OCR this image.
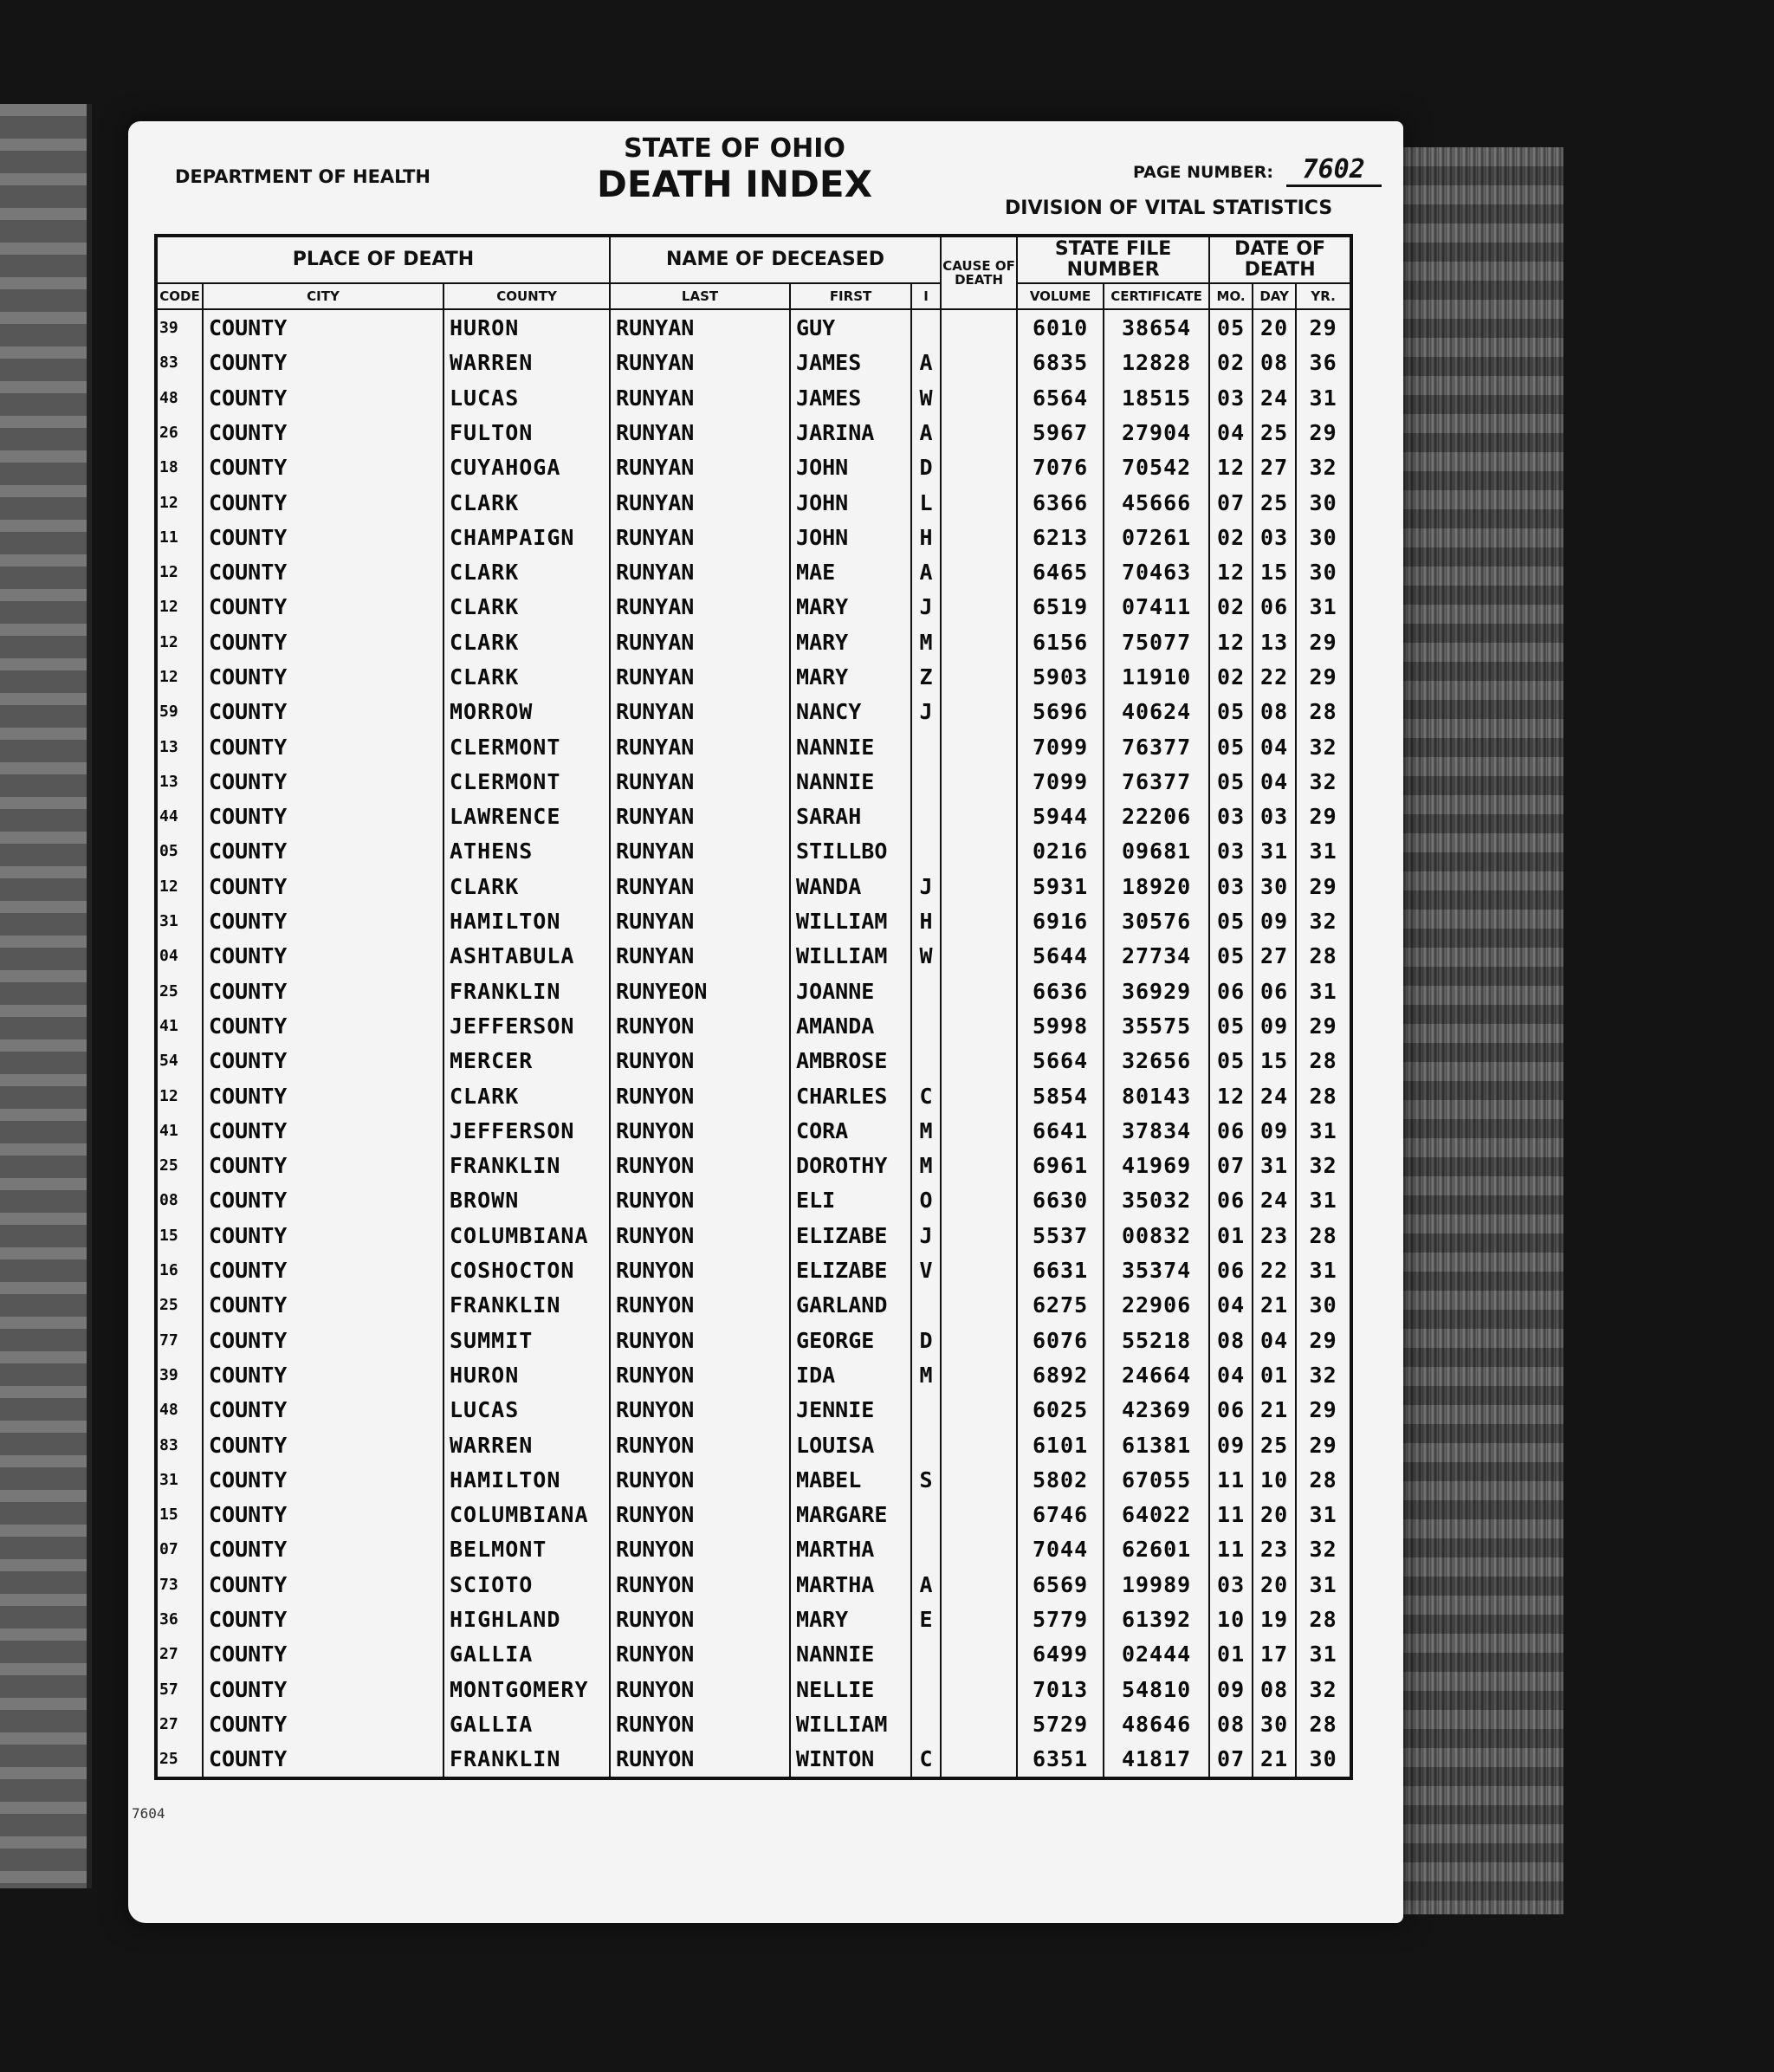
DEPARTMENT OF HEALTH
STATE OF OHIO
DEATH INDEX	PAGE NUMBER: 7602
DIVISION OF VITAL STATISTICS
PLACE OF DEATH			NAME OF DECEASED			CAUSE OF DEATH	STATE FILE NUMBER		DATE OF DEATH		
CODE	CITY	COUNTY	LAST	FIRST	I		VOLUME	CERTIFICATE	MO.	DAY	YR.
39	COUNTY	HURON	RUNYAN	GUY			6010	38654	05	20	29
83	COUNTY	WARREN	RUNYAN	JAMES	A		6835	12828	02	08	36
48	COUNTY	LUCAS	RUNYAN	JAMES	W		6564	18515	03	24	31
26	COUNTY	FULTON	RUNYAN	JARINA	A		5967	27904	04	25	29
18	COUNTY	CUYAHOGA	RUNYAN	JOHN	D		7076	70542	12	27	32
12	COUNTY	CLARK	RUNYAN	JOHN	L		6366	45666	07	25	30
11	COUNTY	CHAMPAIGN	RUNYAN	JOHN	H		6213	07261	02	03	30
12	COUNTY	CLARK	RUNYAN	MAE	A		6465	70463	12	15	30
12	COUNTY	CLARK	RUNYAN	MARY	J		6519	07411	02	06	31
12	COUNTY	CLARK	RUNYAN	MARY	M		6156	75077	12	13	29
12	COUNTY	CLARK	RUNYAN	MARY	Z		5903	11910	02	22	29
59	COUNTY	MORROW	RUNYAN	NANCY	J		5696	40624	05	08	28
13	COUNTY	CLERMONT	RUNYAN	NANNIE			7099	76377	05	04	32
13	COUNTY	CLERMONT	RUNYAN	NANNIE			7099	76377	05	04	32
44	COUNTY	LAWRENCE	RUNYAN	SARAH			5944	22206	03	03	29
05	COUNTY	ATHENS	RUNYAN	STILLBO			0216	09681	03	31	31
12	COUNTY	CLARK	RUNYAN	WANDA	J		5931	18920	03	30	29
31	COUNTY	HAMILTON	RUNYAN	WILLIAM	H		6916	30576	05	09	32
04	COUNTY	ASHTABULA	RUNYAN	WILLIAM	W		5644	27734	05	27	28
25	COUNTY	FRANKLIN	RUNYEON	JOANNE			6636	36929	06	06	31
41	COUNTY	JEFFERSON	RUNYON	AMANDA			5998	35575	05	09	29
54	COUNTY	MERCER	RUNYON	AMBROSE			5664	32656	05	15	28
12	COUNTY	CLARK	RUNYON	CHARLES	C		5854	80143	12	24	28
41	COUNTY	JEFFERSON	RUNYON	CORA	M		6641	37834	06	09	31
25	COUNTY	FRANKLIN	RUNYON	DOROTHY	M		6961	41969	07	31	32
08	COUNTY	BROWN	RUNYON	ELI	O		6630	35032	06	24	31
15	COUNTY	COLUMBIANA	RUNYON	ELIZABE	J		5537	00832	01	23	28
16	COUNTY	COSHOCTON	RUNYON	ELIZABE	V		6631	35374	06	22	31
25	COUNTY	FRANKLIN	RUNYON	GARLAND			6275	22906	04	21	30
77	COUNTY	SUMMIT	RUNYON	GEORGE	D		6076	55218	08	04	29
39	COUNTY	HURON	RUNYON	IDA	M		6892	24664	04	01	32
48	COUNTY	LUCAS	RUNYON	JENNIE			6025	42369	06	21	29
83	COUNTY	WARREN	RUNYON	LOUISA			6101	61381	09	25	29
31	COUNTY	HAMILTON	RUNYON	MABEL	S		5802	67055	11	10	28
15	COUNTY	COLUMBIANA	RUNYON	MARGARE			6746	64022	11	20	31
07	COUNTY	BELMONT	RUNYON	MARTHA			7044	62601	11	23	32
73	COUNTY	SCIOTO	RUNYON	MARTHA	A		6569	19989	03	20	31
36	COUNTY	HIGHLAND	RUNYON	MARY	E		5779	61392	10	19	28
27	COUNTY	GALLIA	RUNYON	NANNIE			6499	02444	01	17	31
57	COUNTY	MONTGOMERY	RUNYON	NELLIE			7013	54810	09	08	32
27	COUNTY	GALLIA	RUNYON	WILLIAM			5729	48646	08	30	28
25	COUNTY	FRANKLIN	RUNYON	WINTON	C		6351	41817	07	21	30
7604
